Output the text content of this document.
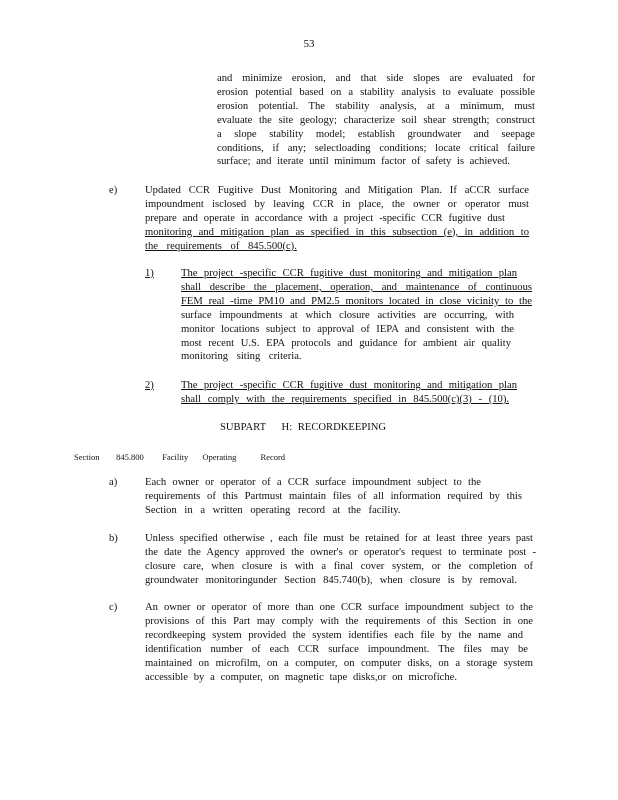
53
and minimize erosion, and that side slopes are evaluated for
erosion potential based on a stability analysis to evaluate possible
erosion potential. The stability analysis, at a minimum, must
evaluate the site geology; characterize soil shear strength; construct
a slope stability model; establish groundwater and seepage
conditions, if any; selectloading conditions; locate critical failure
surface; and iterate until minimum factor of safety is achieved.
e)	Updated CCR Fugitive Dust Monitoring and Mitigation Plan. If aCCR surface
impoundment isclosed by leaving CCR in place, the owner or operator must
prepare and operate in accordance with a project -specific CCR fugitive dust
monitoring and mitigation plan as specified in this subsection (e), in addition to
the requirements of 845.500(c).
1)	The project -specific CCR fugitive dust monitoring and mitigation plan
shall describe the placement, operation, and maintenance of continuous
FEM real -time PM10 and PM2.5 monitors located in close vicinity to the
surface impoundments at which closure activities are occurring, with
monitor locations subject to approval of IEPA and consistent with the
most recent U.S. EPA protocols and guidance for ambient air quality
monitoring siting criteria.
2)	The project -specific CCR fugitive dust monitoring and mitigation plan
shall comply with the requirements specified in 845.500(c)(3) - (10).
SUBPART H: RECORDKEEPING
Section 845.800 Facility Operating	Record
a)	Each owner or operator of a CCR surface impoundment subject to the
requirements of this Partmust maintain files of all information required by this
Section in a written operating record at the facility.
b)	Unless specified otherwise , each file must be retained for at least three years past
the date the Agency approved the owner's or operator's request to terminate post -
closure care, when closure is with a final cover system, or the completion of
groundwater monitoringunder Section 845.740(b), when closure is by removal.
c)	An owner or operator of more than one CCR surface impoundment subject to the
provisions of this Part may comply with the requirements of this Section in one
recordkeeping system provided the system identifies each file by the name and
identification number of each CCR surface impoundment. The files may be
maintained on microfilm, on a computer, on computer disks, on a storage system
accessible by a computer, on magnetic tape disks,or on microfiche.
